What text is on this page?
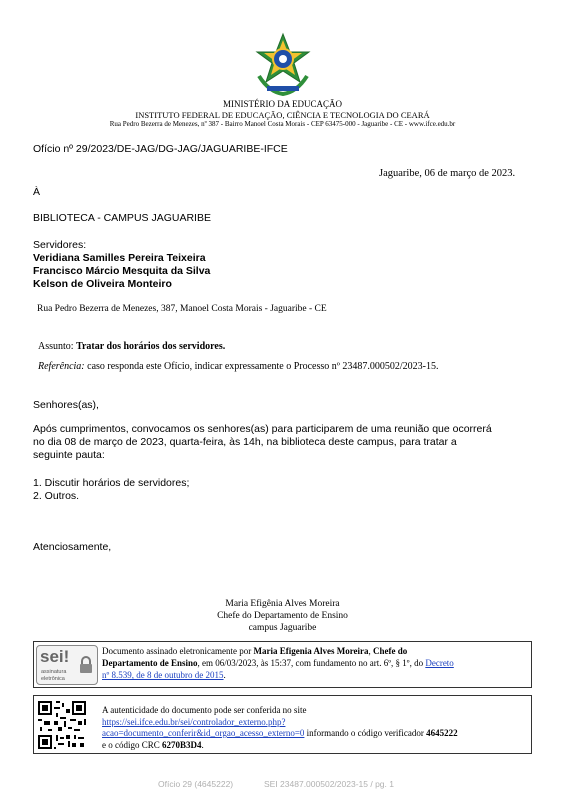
MINISTÉRIO DA EDUCAÇÃO
INSTITUTO FEDERAL DE EDUCAÇÃO, CIÊNCIA E TECNOLOGIA DO CEARÁ
Rua Pedro Bezerra de Menezes, nº 387 - Bairro Manoel Costa Morais - CEP 63475-000 - Jaguaribe - CE - www.ifce.edu.br
Ofício nº 29/2023/DE-JAG/DG-JAG/JAGUARIBE-IFCE
Jaguaribe, 06 de março de 2023.
À
BIBLIOTECA - CAMPUS JAGUARIBE
Servidores:
Veridiana Samilles Pereira Teixeira
Francisco Márcio Mesquita da Silva
Kelson de Oliveira Monteiro
Rua Pedro Bezerra de Menezes, 387, Manoel Costa Morais - Jaguaribe - CE
Assunto: Tratar dos horários dos servidores.
Referência: caso responda este Ofício, indicar expressamente o Processo nº 23487.000502/2023-15.
Senhores(as),
Após cumprimentos, convocamos os senhores(as) para participarem de uma reunião que ocorrerá
no dia 08 de março de 2023, quarta-feira, às 14h, na biblioteca deste campus, para tratar a
seguinte pauta:
1. Discutir horários de servidores;
2. Outros.
Atenciosamente,
Maria Efigênia Alves Moreira
Chefe do Departamento de Ensino
campus Jaguaribe
sei!
assinatura
eletrônica
Documento assinado eletronicamente por Maria Efigenia Alves Moreira, Chefe do
Departamento de Ensino, em 06/03/2023, às 15:37, com fundamento no art. 6º, § 1º, do Decreto
nº 8.539, de 8 de outubro de 2015.
A autenticidade do documento pode ser conferida no site
https://sei.ifce.edu.br/sei/controlador_externo.php?
acao=documento_conferir&id_orgao_acesso_externo=0 informando o código verificador 4645222
e o código CRC 6270B3D4.
Ofício 29 (4645222)	SEI 23487.000502/2023-15 / pg. 1
